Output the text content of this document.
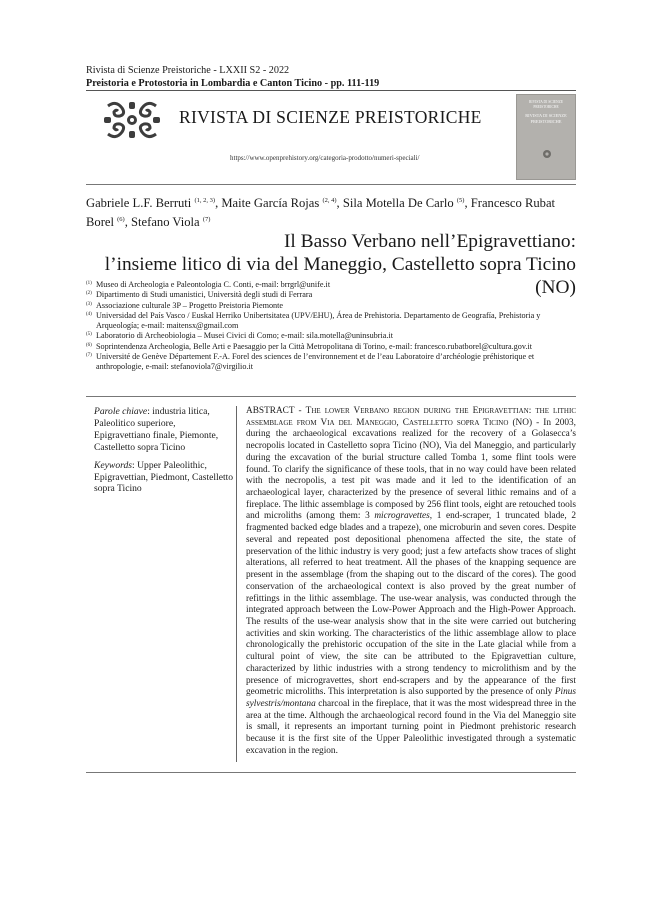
Rivista di Scienze Preistoriche - LXXII S2 - 2022
Preistoria e Protostoria in Lombardia e Canton Ticino - pp. 111-119
RIVISTA DI SCIENZE PREISTORICHE
https://www.openprehistory.org/categoria-prodotto/numeri-speciali/
RIVISTA DI SCIENZE PREISTORICHE
RIVISTA DI SCIENZE PREISTORICHE
Gabriele L.F. Berruti $^{(1, 2, 3)}$, Maite García Rojas $^{(2, 4)}$, Sila Motella De Carlo $^{(5)}$, Francesco Rubat Borel $^{(6)}$, Stefano Viola $^{(7)}$
Il Basso Verbano nell’Epigravettiano:
l’insieme litico di via del Maneggio, Castelletto sopra Ticino (NO)
(1) Museo di Archeologia e Paleontologia C. Conti, e-mail: brrgrl@unife.it
(2) Dipartimento di Studi umanistici, Università degli studi di Ferrara
(3) Associazione culturale 3P – Progetto Preistoria Piemonte
(4) Universidad del País Vasco / Euskal Herriko Unibertsitatea (UPV/EHU), Área de Prehistoria. Departamento de Geografía, Prehistoria y Arqueología; e-mail: maitensx@gmail.com
(5) Laboratorio di Archeobiologia – Musei Civici di Como; e-mail: sila.motella@uninsubria.it
(6) Soprintendenza Archeologia, Belle Arti e Paesaggio per la Città Metropolitana di Torino, e-mail: francesco.rubatborel@cultura.gov.it
(7) Université de Genève Département F.-A. Forel des sciences de l’environnement et de l’eau Laboratoire d’archéologie préhistorique et anthropologie, e-mail: stefanoviola7@virgilio.it

Parole chiave: industria litica, Paleolitico superiore, Epigravettiano finale, Piemonte, Castelletto sopra Ticino

Keywords: Upper Paleolithic, Epigravettian, Piedmont, Castelletto sopra Ticino

ABSTRACT - The lower Verbano region during the Epigravettian: the lithic assemblage from Via del Maneggio, Castelletto sopra Ticino (NO) - In 2003, during the archaeological excavations realized for the recovery of a Golasecca’s necropolis located in Castelletto sopra Ticino (NO), Via del Maneggio, and particularly during the excavation of the burial structure called Tomba 1, some flint tools were found. To clarify the significance of these tools, that in no way could have been related with the necropolis, a test pit was made and it led to the identification of an archaeological layer, characterized by the presence of several lithic remains and of a fireplace. The lithic assemblage is composed by 256 flint tools, eight are retouched tools and microliths (among them: 3 microgravettes, 1 end-scraper, 1 truncated blade, 2 fragmented backed edge blades and a trapeze), one microburin and seven cores. Despite several and repeated post depositional phenomena affected the site, the state of preservation of the lithic industry is very good; just a few artefacts show traces of slight alterations, all referred to heat treatment. All the phases of the knapping sequence are present in the assemblage (from the shaping out to the discard of the cores). The good conservation of the archaeological context is also proved by the great number of refittings in the lithic assemblage. The use-wear analysis, was conducted through the integrated approach between the Low-Power Approach and the High-Power Approach. The results of the use-wear analysis show that in the site were carried out butchering activities and skin working. The characteristics of the lithic assemblage allow to place chronologically the prehistoric occupation of the site in the Late glacial while from a cultural point of view, the site can be attributed to the Epigravettian culture, characterized by lithic industries with a strong tendency to microlithism and by the presence of microgravettes, short end-scrapers and by the appearance of the first geometric microliths. This interpretation is also supported by the presence of only Pinus sylvestris/montana charcoal in the fireplace, that it was the most widespread three in the area at the time. Although the archaeological record found in the Via del Maneggio site is small, it represents an important turning point in Piedmont prehistoric research because it is the first site of the Upper Paleolithic investigated through a systematic excavation in the region.
